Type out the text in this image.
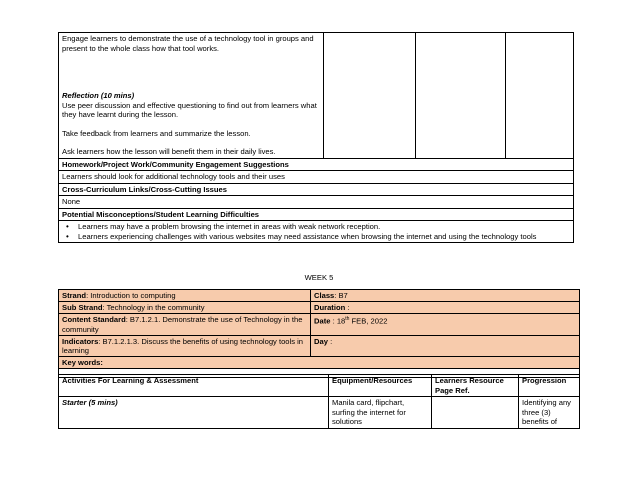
Engage learners to demonstrate the use of a technology tool in groups and present to the whole class how that tool works.

Reflection (10 mins)

Use peer discussion and effective questioning to find out from learners what they have learnt during the lesson.

Take feedback from learners and summarize the lesson.

Ask learners how the lesson will benefit them in their daily lives.

Homework/Project Work/Community Engagement Suggestions
Learners should look for additional technology tools and their uses
Cross-Curriculum Links/Cross-Cutting Issues
None
Potential Misconceptions/Student Learning Difficulties

• Learners may have a problem browsing the internet in areas with weak network reception.
• Learners experiencing challenges with various websites may need assistance when browsing the internet and using the technology tools
WEEK 5
Strand: Introduction to computing	Class: B7
Sub Strand: Technology in the community	Duration :
Content Standard: B7.1.2.1. Demonstrate the use of Technology in the community	Date : 18th FEB, 2022
Indicators: B7.1.2.1.3. Discuss the benefits of using technology tools in learning	Day :
Key words:	

Activities For Learning & Assessment	Equipment/Resources	Learners Resource Page Ref.	Progression
Starter (5 mins)	Manila card, flipchart, surfing the internet for solutions		Identifying any three (3) benefits of
